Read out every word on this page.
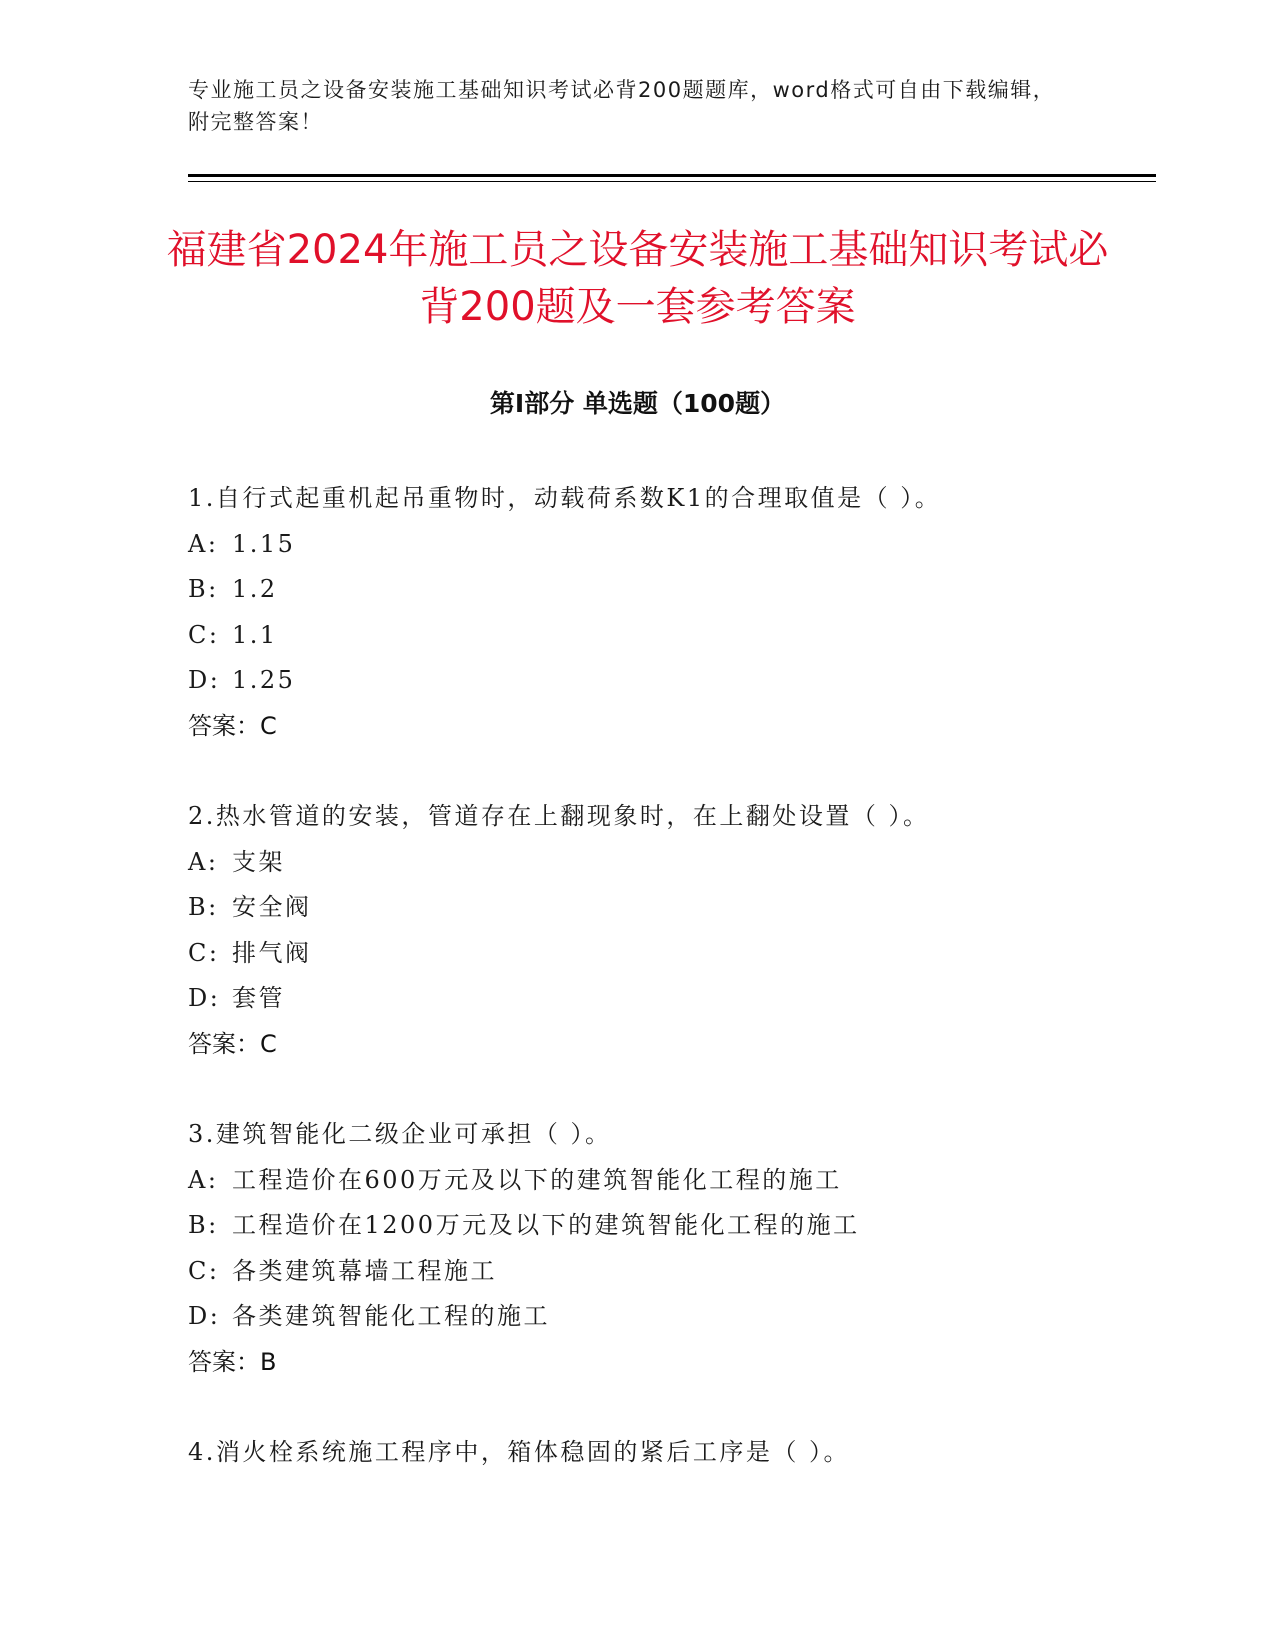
专业施工员之设备安装施工基础知识考试必背200题题库，word格式可自由下载编辑，附完整答案！
福建省2024年施工员之设备安装施工基础知识考试必背200题及一套参考答案
第Ⅰ部分 单选题（100题）
1.自行式起重机起吊重物时，动载荷系数K1的合理取值是（ ）。
A: 1.15
B: 1.2
C: 1.1
D: 1.25
答案：C
2.热水管道的安装，管道存在上翻现象时，在上翻处设置（ ）。
A: 支架
B: 安全阀
C: 排气阀
D: 套管
答案：C
3.建筑智能化二级企业可承担（ ）。
A: 工程造价在600万元及以下的建筑智能化工程的施工
B: 工程造价在1200万元及以下的建筑智能化工程的施工
C: 各类建筑幕墙工程施工
D: 各类建筑智能化工程的施工
答案：B
4.消火栓系统施工程序中，箱体稳固的紧后工序是（ ）。
